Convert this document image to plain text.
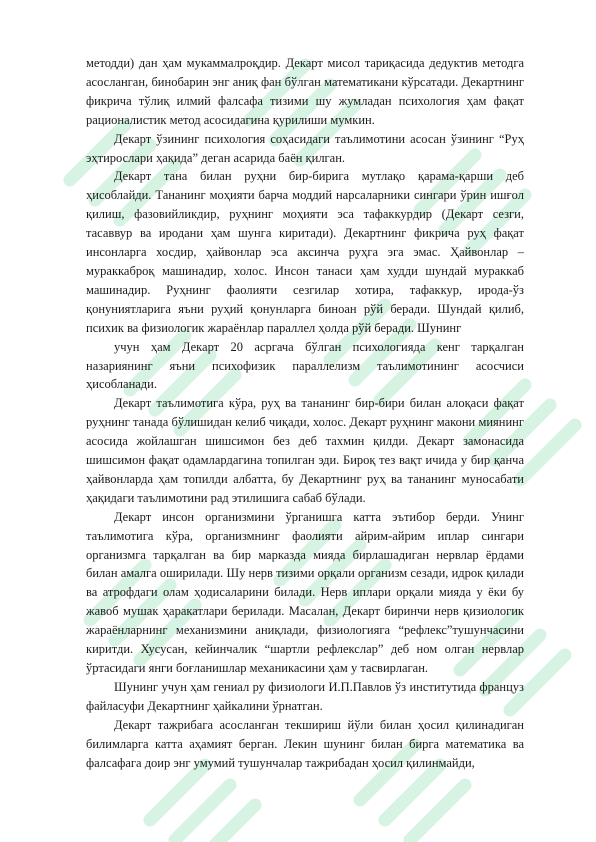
методди) дан ҳам мукаммалроқдир. Декарт мисол тариқасида дедуктив методга асосланган, бинобарин энг аниқ фан бўлган математикани кўрсатади. Декартнинг фикрича тўлиқ илмий фалсафа тизими шу жумладан психология ҳам фақат рационалистик метод асосидагина қурилиши мумкин.

Декарт ўзининг психология соҳасидаги таълимотини асосан ўзининг “Руҳ эҳтирослари ҳақида” деган асарида баён қилган.

Декарт тана билан руҳни бир-бирига мутлақо қарама-қарши деб ҳисоблайди. Тананинг моҳияти барча моддий нарсаларники сингари ўрин ишғол қилиш, фазовийликдир, руҳнинг моҳияти эса тафаккурдир (Декарт сезги, тасаввур ва иродани ҳам шунга киритади). Декартнинг фикрича руҳ фақат инсонларга хосдир, ҳайвонлар эса аксинча руҳга эга эмас. Ҳайвонлар – мураккаброқ машинадир, холос. Инсон танаси ҳам худди шундай мураккаб машинадир. Руҳнинг фаолияти сезгилар хотира, тафаккур, ирода-ўз қонуниятларига яъни руҳий қонунларга биноан рўй беради. Шундай қилиб, психик ва физиологик жараёнлар параллел ҳолда рўй беради. Шунинг

учун ҳам Декарт 20 асргача бўлган психологияда кенг тарқалган назариянинг яъни психофизик параллелизм таълимотининг асосчиси ҳисобланади.

Декарт таълимотига кўра, руҳ ва тананинг бир-бири билан алоқаси фақат руҳнинг танада бўлишидан келиб чиқади, холос. Декарт руҳнинг макони миянинг асосида жойлашган шишсимон без деб тахмин қилди. Декарт замонасида шишсимон фақат одамлардагина топилган эди. Бироқ тез вақт ичида у бир қанча ҳайвонларда ҳам топилди албатта, бу Декартнинг руҳ ва тананинг муносабати ҳақидаги таълимотини рад этилишига сабаб бўлади.

Декарт инсон организмини ўрганишга катта эътибор берди. Унинг таълимотига кўра, организмнинг фаолияти айрим-айрим иплар сингари организмга тарқалган ва бир марказда мияда бирлашадиган нервлар ёрдами билан амалга оширилади. Шу нерв тизими орқали организм сезади, идрок қилади ва атрофдаги олам ҳодисаларини билади. Нерв иплари орқали мияда у ёки бу жавоб мушак ҳаракатлари берилади. Масалан, Декарт биринчи нерв қизиологик жараёнларнинг механизмини аниқлади, физиологияга “рефлекс”тушунчасини киритди. Хусусан, кейинчалик “шартли рефлекслар” деб ном олган нервлар ўртасидаги янги боғланишлар механикасини ҳам у тасвирлаган.

Шунинг учун ҳам гениал ру физиологи И.П.Павлов ўз институтида француз файласуфи Декартнинг ҳайкалини ўрнатган.

Декарт тажрибага асосланган текшириш йўли билан ҳосил қилинадиган билимларга катта аҳамият берган. Лекин шунинг билан бирга математика ва фалсафага доир энг умумий тушунчалар тажрибадан ҳосил қилинмайди,
